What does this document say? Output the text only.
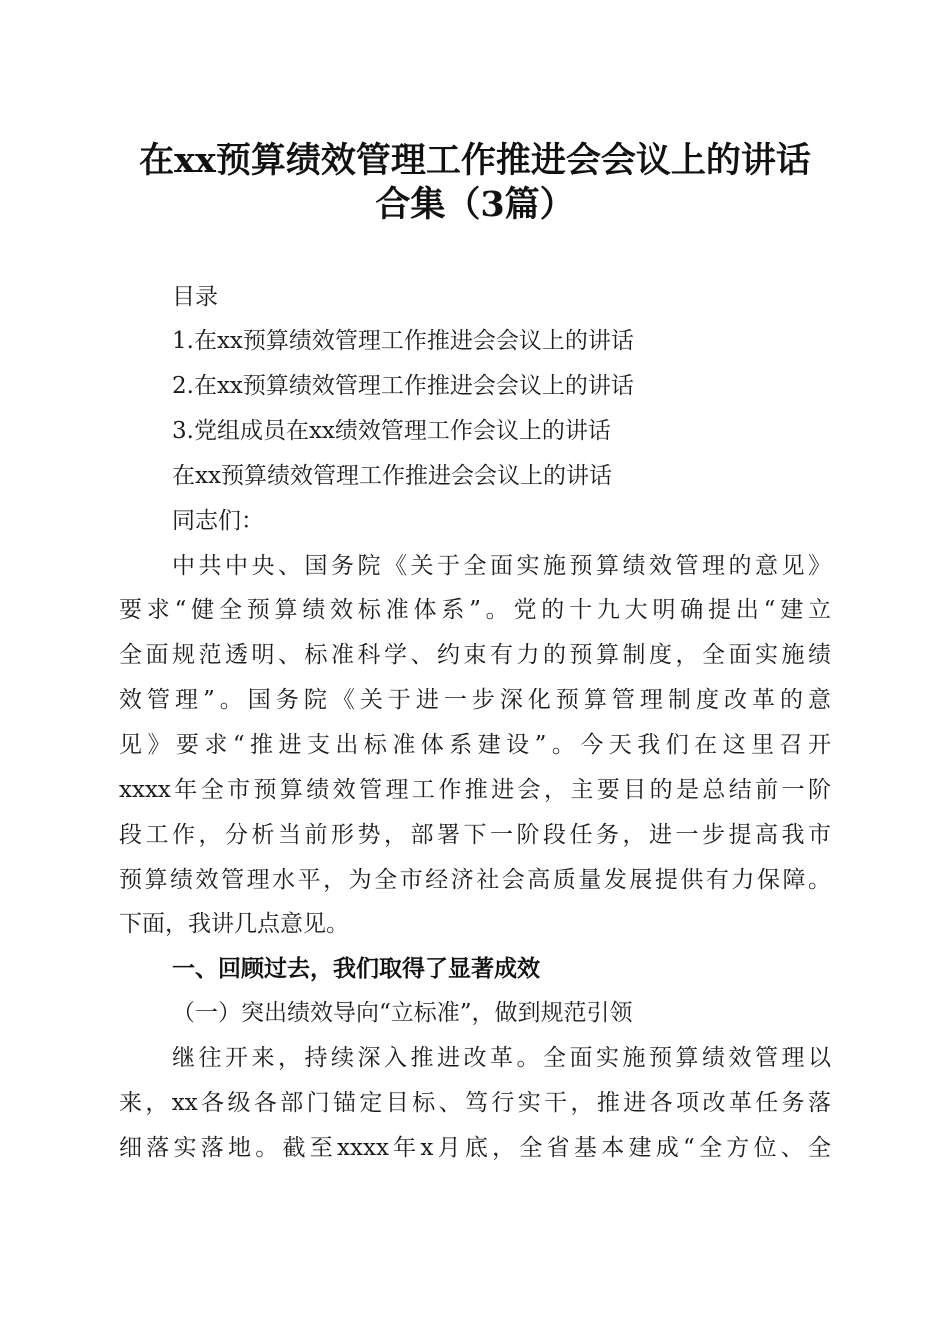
在xx预算绩效管理工作推进会会议上的讲话
合集（3篇）

目录

1.在xx预算绩效管理工作推进会会议上的讲话

2.在xx预算绩效管理工作推进会会议上的讲话

3.党组成员在xx绩效管理工作会议上的讲话

在xx预算绩效管理工作推进会会议上的讲话

同志们：

中共中央、国务院《关于全面实施预算绩效管理的意见》

要求“健全预算绩效标准体系”。党的十九大明确提出“建立

全面规范透明、标准科学、约束有力的预算制度，全面实施绩

效管理”。国务院《关于进一步深化预算管理制度改革的意

见》要求“推进支出标准体系建设”。今天我们在这里召开

xxxx年全市预算绩效管理工作推进会，主要目的是总结前一阶

段工作，分析当前形势，部署下一阶段任务，进一步提高我市

预算绩效管理水平，为全市经济社会高质量发展提供有力保障。

下面，我讲几点意见。

一、回顾过去，我们取得了显著成效

（一）突出绩效导向“立标准”，做到规范引领

继往开来，持续深入推进改革。全面实施预算绩效管理以

来，xx各级各部门锚定目标、笃行实干，推进各项改革任务落

细落实落地。截至xxxx年x月底，全省基本建成“全方位、全
